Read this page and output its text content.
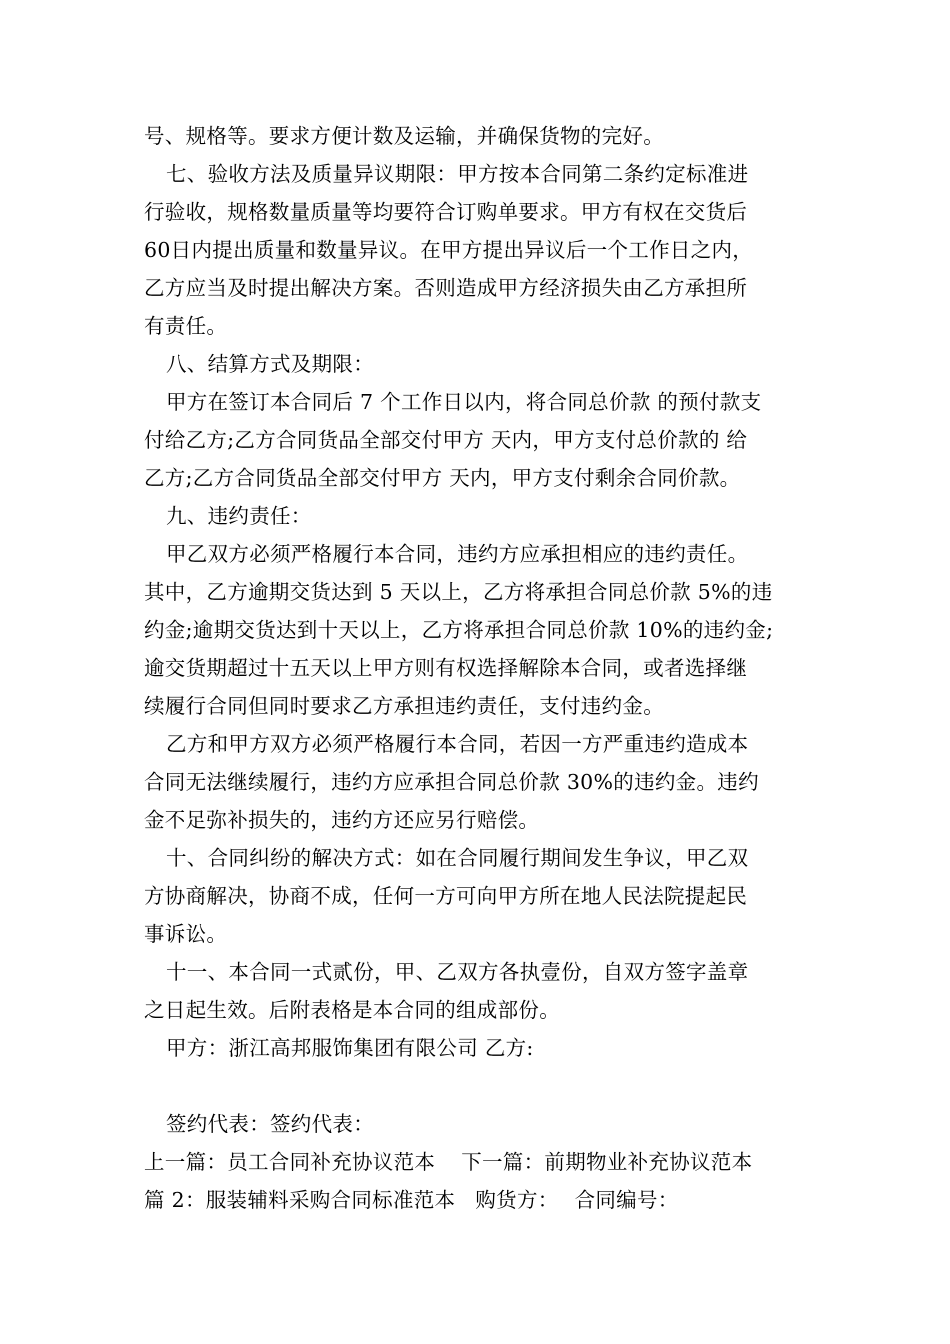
号、规格等。要求方便计数及运输，并确保货物的完好。
七、验收方法及质量异议期限：甲方按本合同第二条约定标准进
行验收，规格数量质量等均要符合订购单要求。甲方有权在交货后
60日内提出质量和数量异议。在甲方提出异议后一个工作日之内，
乙方应当及时提出解决方案。否则造成甲方经济损失由乙方承担所
有责任。
八、结算方式及期限：
甲方在签订本合同后 7 个工作日以内，将合同总价款 的预付款支
付给乙方;乙方合同货品全部交付甲方 天内，甲方支付总价款的 给
乙方;乙方合同货品全部交付甲方 天内，甲方支付剩余合同价款。
九、违约责任：
甲乙双方必须严格履行本合同，违约方应承担相应的违约责任。
其中，乙方逾期交货达到 5 天以上，乙方将承担合同总价款 5%的违
约金;逾期交货达到十天以上，乙方将承担合同总价款 10%的违约金;
逾交货期超过十五天以上甲方则有权选择解除本合同，或者选择继
续履行合同但同时要求乙方承担违约责任，支付违约金。
乙方和甲方双方必须严格履行本合同，若因一方严重违约造成本
合同无法继续履行，违约方应承担合同总价款 30%的违约金。违约
金不足弥补损失的，违约方还应另行赔偿。
十、合同纠纷的解决方式：如在合同履行期间发生争议，甲乙双
方协商解决，协商不成，任何一方可向甲方所在地人民法院提起民
事诉讼。
十一、本合同一式贰份，甲、乙双方各执壹份，自双方签字盖章
之日起生效。后附表格是本合同的组成部份。
甲方：浙江高邦服饰集团有限公司 乙方:
签约代表：签约代表：
上一篇：员工合同补充协议范本 下一篇：前期物业补充协议范本
篇 2：服装辅料采购合同标准范本 购货方： 合同编号：
